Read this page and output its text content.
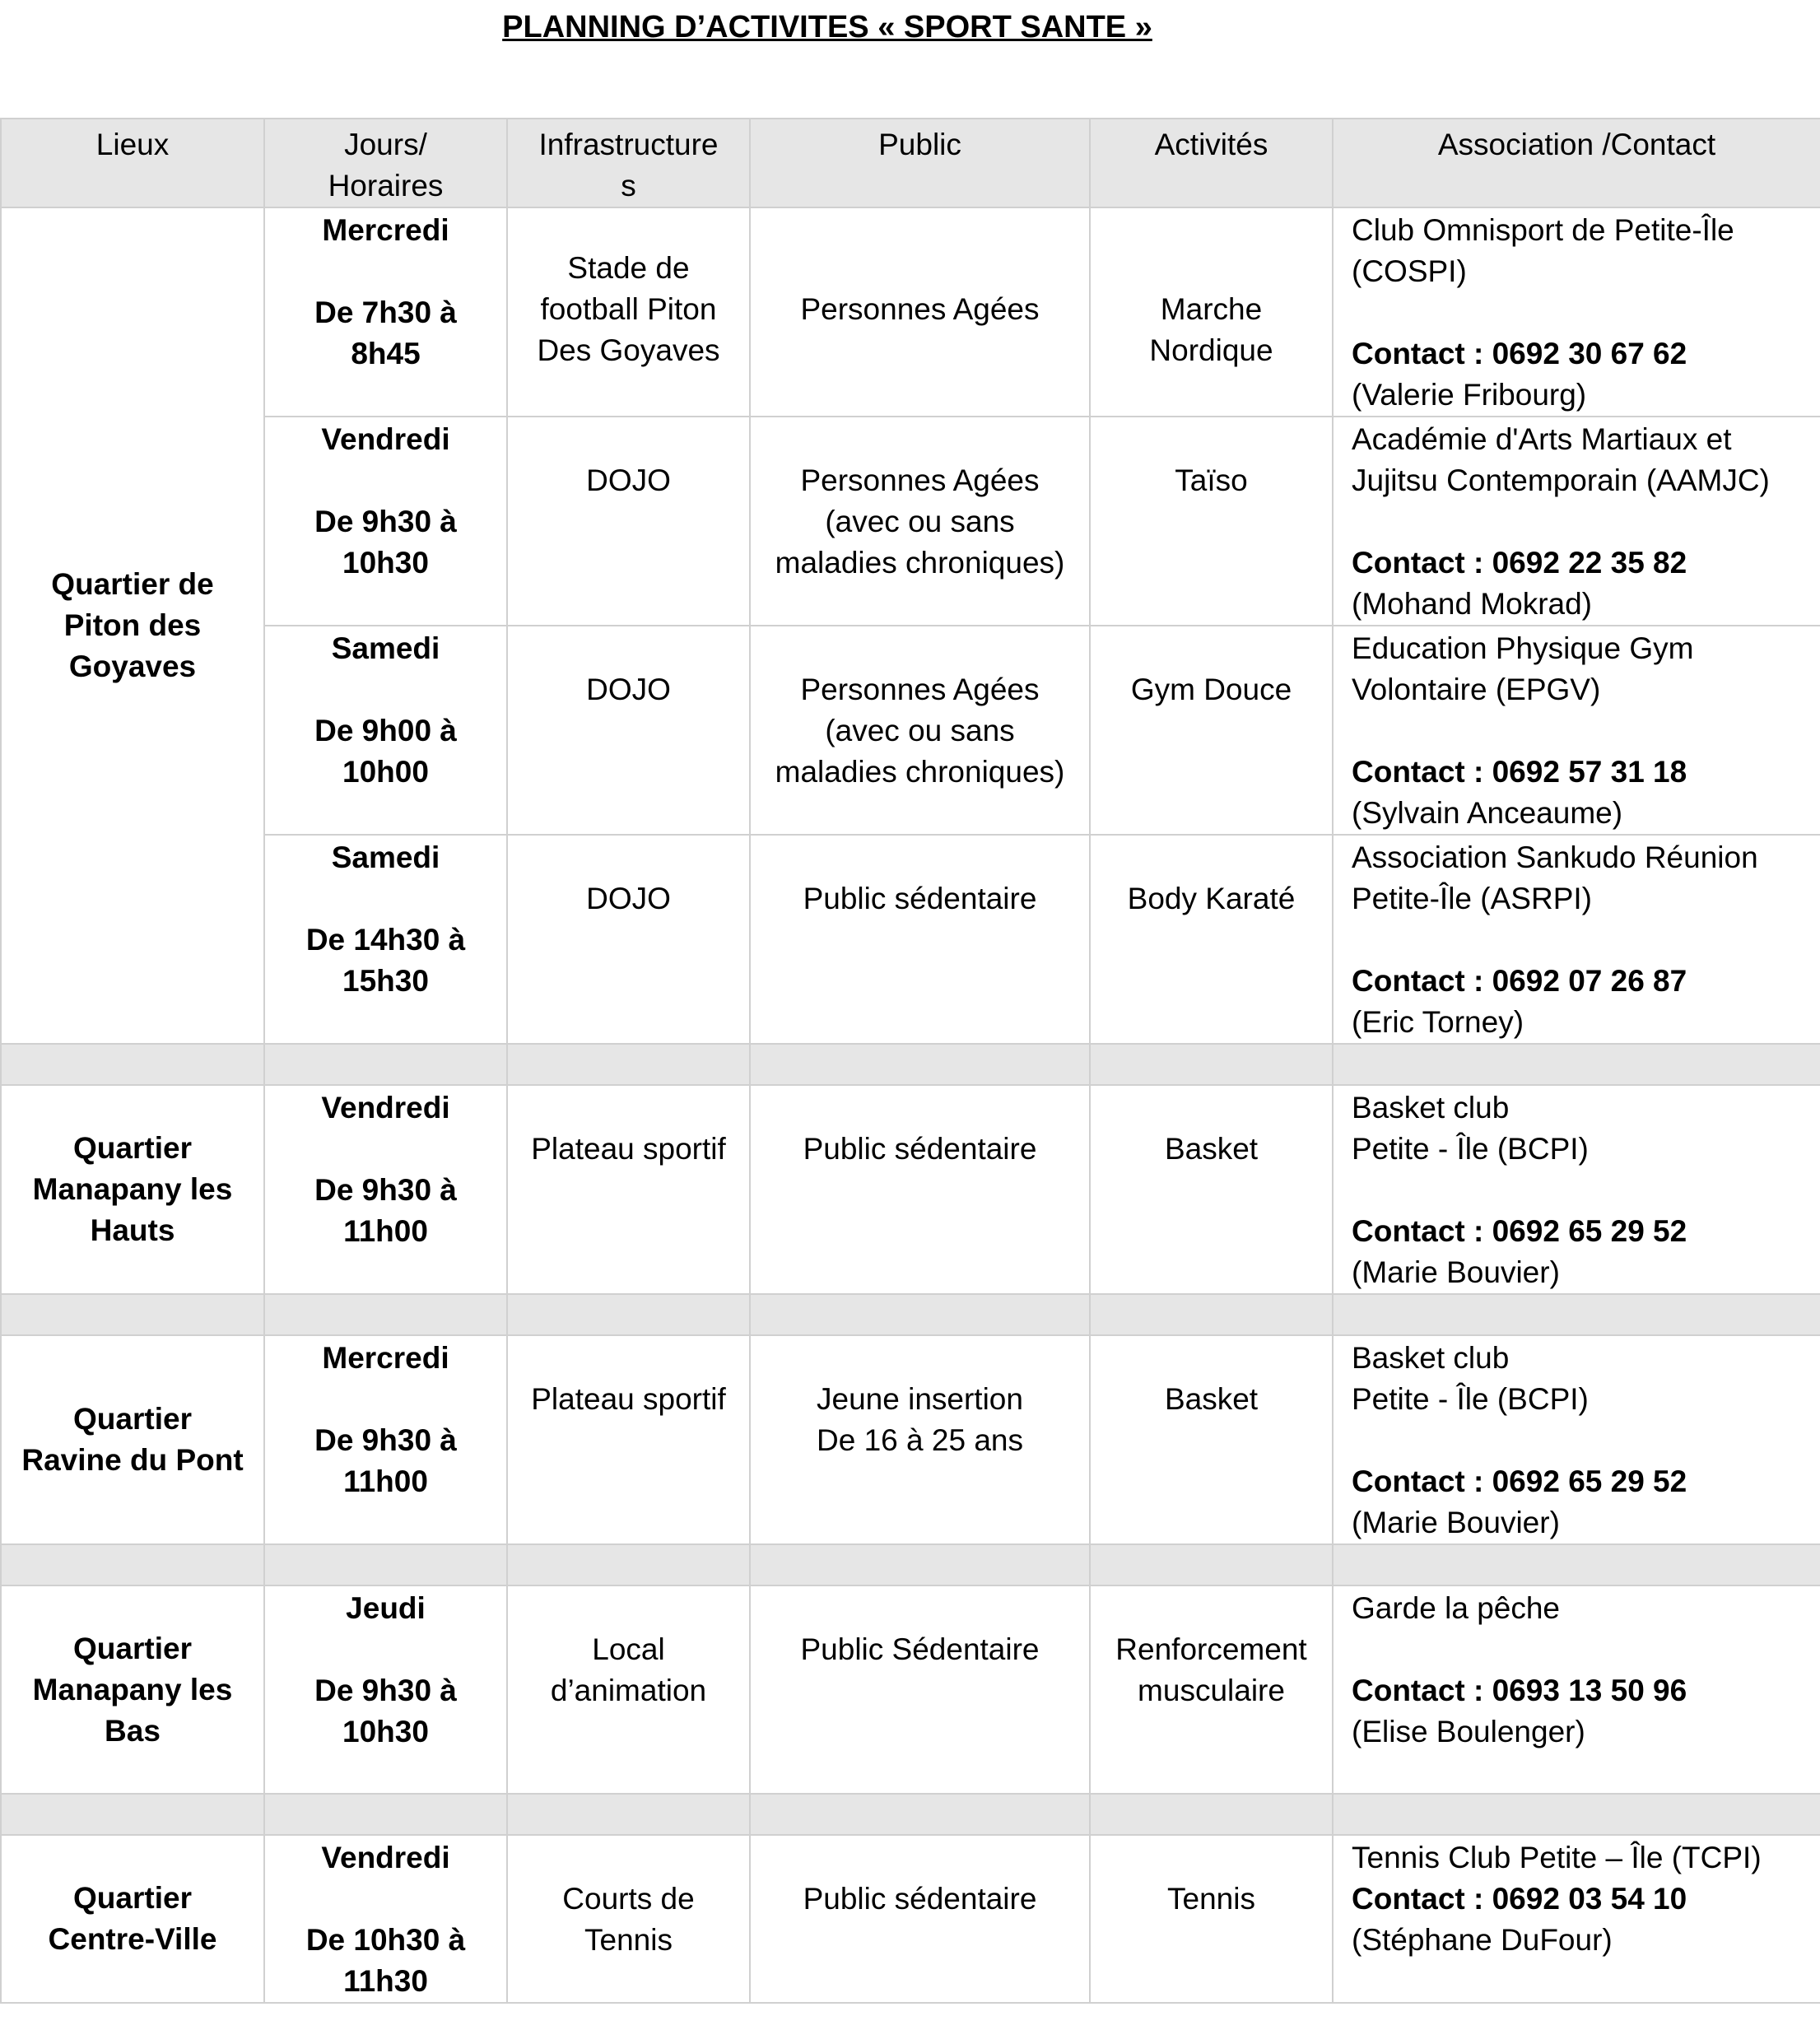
PLANNING D’ACTIVITES « SPORT SANTE »
Lieux	Jours/
Horaires	Infrastructure
s	Public	Activités	Association /Contact

Quartier de
Piton des
Goyaves	Mercredi
De 7h30 à
8h45	Stade de
football Piton
Des Goyaves	Personnes Agées	Marche
Nordique	Club Omnisport de Petite-Île
(COSPI)
Contact : 0692 30 67 62
(Valerie Fribourg)

	Vendredi
De 9h30 à
10h30	DOJO	Personnes Agées
(avec ou sans
maladies chroniques)	Taïso	Académie d'Arts Martiaux et
Jujitsu Contemporain (AAMJC)
Contact : 0692 22 35 82
(Mohand Mokrad)

	Samedi
De 9h00 à
10h00	DOJO	Personnes Agées
(avec ou sans
maladies chroniques)	Gym Douce	Education Physique Gym
Volontaire (EPGV)
Contact : 0692 57 31 18
(Sylvain Anceaume)

	Samedi
De 14h30 à
15h30	DOJO	Public sédentaire	Body Karaté	Association Sankudo Réunion
Petite-Île (ASRPI)
Contact : 0692 07 26 87
(Eric Torney)

Quartier
Manapany les
Hauts	Vendredi
De 9h30 à
11h00	Plateau sportif	Public sédentaire	Basket	Basket club
Petite - Île (BCPI)
Contact : 0692 65 29 52
(Marie Bouvier)

Quartier
Ravine du Pont	Mercredi
De 9h30 à
11h00	Plateau sportif	Jeune insertion
De 16 à 25 ans	Basket	Basket club
Petite - Île (BCPI)
Contact : 0692 65 29 52
(Marie Bouvier)

Quartier
Manapany les
Bas	Jeudi
De 9h30 à
10h30	Local
d’animation	Public Sédentaire	Renforcement
musculaire	Garde la pêche
Contact : 0693 13 50 96
(Elise Boulenger)

Quartier
Centre-Ville	Vendredi
De 10h30 à
11h30	Courts de
Tennis	Public sédentaire	Tennis	Tennis Club Petite – Île (TCPI)
Contact : 0692 03 54 10
(Stéphane DuFour)
